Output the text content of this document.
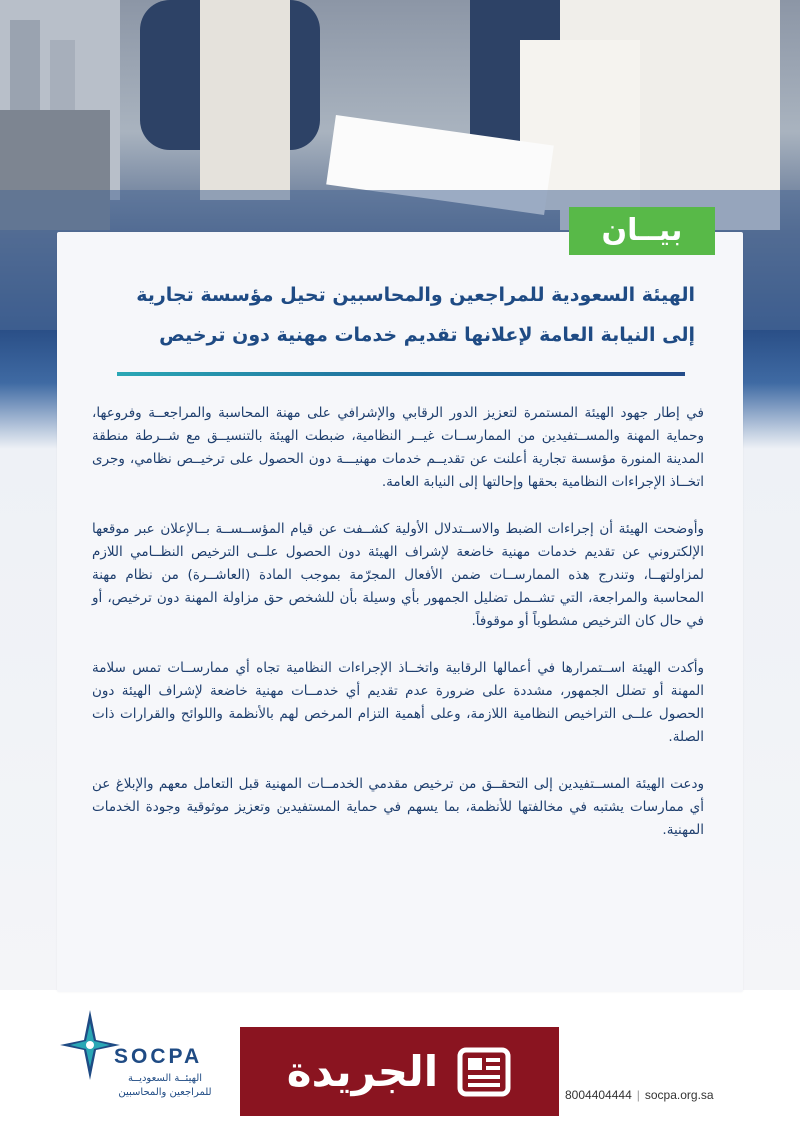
بيــان
الهيئة السعودية للمراجعين والمحاسبين تحيل مؤسسة تجارية
إلى النيابة العامة لإعلانها تقديم خدمات مهنية دون ترخيص

في إطار جهود الهيئة المستمرة لتعزيز الدور الرقابي والإشرافي على مهنة المحاسبة والمراجعــة وفروعها، وحماية المهنة والمســتفيدين من الممارســات غيــر النظامية، ضبطت الهيئة بالتنسيــق مع شــرطة منطقة المدينة المنورة مؤسسة تجارية أعلنت عن تقديــم خدمات مهنيـــة دون الحصول على ترخيــص نظامي، وجرى اتخــاذ الإجراءات النظامية بحقها وإحالتها إلى النيابة العامة.

وأوضحت الهيئة أن إجراءات الضبط والاســتدلال الأولية كشــفت عن قيام المؤســســة بــالإعلان عبر موقعها الإلكتروني عن تقديم خدمات مهنية خاضعة لإشراف الهيئة دون الحصول علــى الترخيص النظــامي اللازم لمزاولتهــا، وتندرج هذه الممارســات ضمن الأفعال المجرّمة بموجب المادة (العاشــرة) من نظام مهنة المحاسبة والمراجعة، التي تشــمل تضليل الجمهور بأي وسيلة بأن للشخص حق مزاولة المهنة دون ترخيص، أو في حال كان الترخيص مشطوباً أو موقوفاً.

وأكدت الهيئة اســتمرارها في أعمالها الرقابية واتخــاذ الإجراءات النظامية تجاه أي ممارســات تمس سلامة المهنة أو تضلل الجمهور، مشددة على ضرورة عدم تقديم أي خدمــات مهنية خاضعة لإشراف الهيئة دون الحصول علــى التراخيص النظامية اللازمة، وعلى أهمية التزام المرخص لهم بالأنظمة واللوائح والقرارات ذات الصلة.

ودعت الهيئة المســتفيدين إلى التحقــق من ترخيص مقدمي الخدمــات المهنية قبل التعامل معهم والإبلاغ عن أي ممارسات يشتبه في مخالفتها للأنظمة، بما يسهم في حماية المستفيدين وتعزيز موثوقية وجودة الخدمات المهنية.

SOCPA
الهيئــة السعوديــة
للمراجعين والمحاسبين الجريدة	8004404444 | socpa.org.sa
